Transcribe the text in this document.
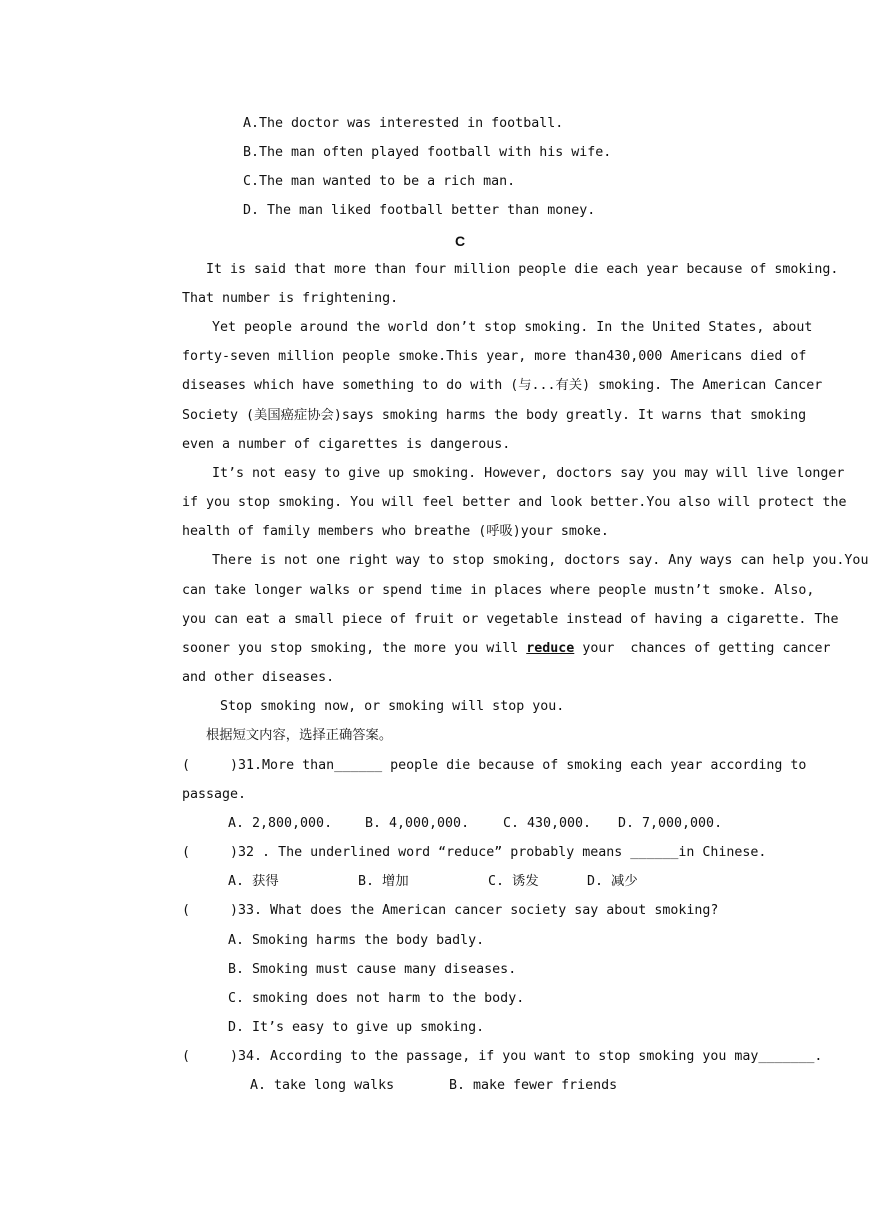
A.The doctor was interested in football.
B.The man often played football with his wife.
C.The man wanted to be a rich man.
D. The man liked football better than money.
C
It is said that more than four million people die each year because of smoking.
That number is frightening.
Yet people around the world don’t stop smoking. In the United States, about
forty-seven million people smoke.This year, more than430,000 Americans died of
diseases which have something to do with (与...有关) smoking. The American Cancer
Society (美国癌症协会)says smoking harms the body greatly. It warns that smoking
even a number of cigarettes is dangerous.
It’s not easy to give up smoking. However, doctors say you may will live longer
if you stop smoking. You will feel better and look better.You also will protect the
health of family members who breathe (呼吸)your smoke.
There is not one right way to stop smoking, doctors say. Any ways can help you.You
can take longer walks or spend time in places where people mustn’t smoke. Also,
you can eat a small piece of fruit or vegetable instead of having a cigarette. The
sooner you stop smoking, the more you will reduce your  chances of getting cancer
and other diseases.
Stop smoking now, or smoking will stop you.
根据短文内容，选择正确答案。
(     )31.More than______ people die because of smoking each year according to
passage.
A. 2,800,000. B. 4,000,000.	C. 430,000. D. 7,000,000.
(     )32 . The underlined word “reduce” probably means ______in Chinese.
A. 获得	B. 增加	C. 诱发	D. 减少
(     )33. What does the American cancer society say about smoking?
A. Smoking harms the body badly.
B. Smoking must cause many diseases.
C. smoking does not harm to the body.
D. It’s easy to give up smoking.
(     )34. According to the passage, if you want to stop smoking you may_______.
A. take long walks	B. make fewer friends
